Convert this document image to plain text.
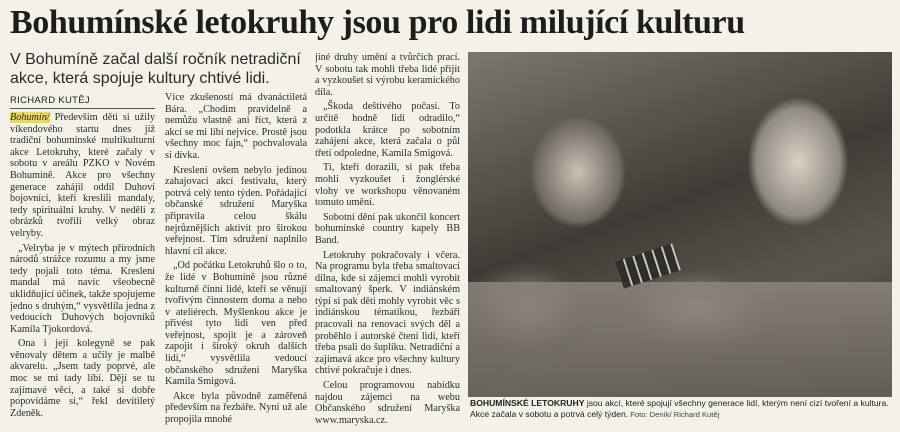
Bohumínské letokruhy jsou pro lidi milující kulturu
V Bohumíně začal další ročník netradiční akce, která spojuje kultury chtivé lidi.
RICHARD KUTĚJ

Bohumín/ Především děti si užily víkendového startu dnes již tradiční bohumínské multikulturní akce Letokruhy, které začaly v sobotu v areálu PZKO v Novém Bohumíně. Akce pro všechny generace zahájil oddíl Duhoví bojovníci, kteří kreslili mandaly, tedy spirituální kruhy. V neděli z obrázků tvořili velký obraz velryby.

„Velryba je v mýtech přírodních národů strážce rozumu a my jsme tedy pojali toto téma. Kreslení mandal má navíc všeobecně uklidňující účinek, takže spojujeme jedno s druhým,“ vysvětlila jedna z vedoucích Duhových bojovníků Kamila Tjokordová.

Ona i její kolegyně se pak věnovaly dětem a učily je malbě akvarelu. „Jsem tady poprvé, ale moc se mi tady líbí. Dějí se tu zajímavé věci, a také si dobře popovídáme si,“ řekl devítiletý Zdeněk.

Více zkušeností má dvanáctiletá Bára. „Chodím pravidelně a nemůžu vlastně ani říct, která z akcí se mi líbí nejvíce. Prostě jsou všechny moc fajn,“ pochvalovala si dívka.

Kreslení ovšem nebylo jedinou zahajovací akcí festivalu, který potrvá celý tento týden. Pořádající občanské sdružení Maryška připravila celou škálu nejrůznějších aktivit pro širokou veřejnost. Tím sdružení naplnilo hlavní cíl akce.

„Od počátku Letokruhů šlo o to, že lidé v Bohumíně jsou různé kulturně činní lidé, kteří se věnují tvořivým činnostem doma a nebo v ateliérech. Myšlenkou akce je přivést tyto lidi ven před veřejnost, spojit je a zároveň zapojit i široký okruh dalších lidí,“ vysvětlila vedoucí občanského sdružení Maryška Kamila Smigová.

Akce byla původně zaměřená především na řezbáře. Nyní už ale propojila mnohé

jiné druhy umění a tvůrčích prací. V sobotu tak mohli třeba lidé přijít a vyzkoušet si výrobu keramického díla.

„Škoda deštivého počasí. To určitě hodně lidí odradilo,“ podotkla krátce po sobotním zahájení akce, která začala o půl třetí odpoledne, Kamila Smigová.

Ti, kteří dorazili, si pak třeba mohli vyzkoušet i žonglérské vlohy ve workshopu věnovaném tomuto umění.

Sobotní dění pak ukončil koncert bohumínské country kapely BB Band.

Letokruhy pokračovaly i včera. Na programu byla třeba smaltovací dílna, kde si zájemci mohli vyrobit smaltovaný šperk. V indiánském týpí si pak děti mohly vyrobit věc s indiánskou tématikou, řezbáři pracovali na renovaci svých děl a proběhlo i autorské čtení lidí, kteří třeba psali do šuplíku. Netradiční a zajímavá akce pro všechny kultury chtivé pokračuje i dnes.

Celou programovou nabídku najdou zájemci na webu Občanského sdružení Maryška www.maryska.cz.

BOHUMÍNSKÉ LETOKRUHY jsou akcí, které spojují všechny generace lidí, kterým není cizí tvoření a kultura. Akce začala v sobotu a potrvá celý týden. Foto: Deník/ Richard Kutěj
